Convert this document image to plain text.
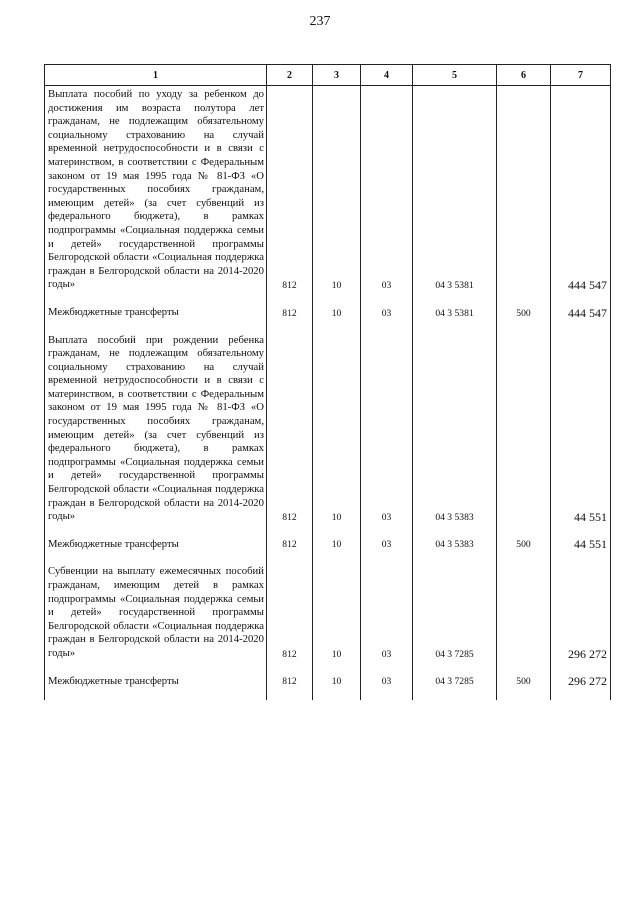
237
1	2	3	4	5	6	7
Выплата пособий по уходу за ребенком до достижения им возраста полутора лет гражданам, не подлежащим обязательному социальному страхованию на случай временной нетрудоспособности и в связи с материнством, в соответствии с Федеральным законом от 19 мая 1995 года № 81-ФЗ «О государственных пособиях гражданам, имеющим детей» (за счет субвенций из федерального бюджета), в рамках подпрограммы «Социальная поддержка семьи и детей» государственной программы Белгородской области «Социальная поддержка граждан в Белгородской области на 2014-2020 годы»	812	10	03	04 3 5381		444 547

Межбюджетные трансферты	812	10	03	04 3 5381	500	444 547

Выплата пособий при рождении ребенка гражданам, не подлежащим обязательному социальному страхованию на случай временной нетрудоспособности и в связи с материнством, в соответствии с Федеральным законом от 19 мая 1995 года № 81-ФЗ «О государственных пособиях гражданам, имеющим детей» (за счет субвенций из федерального бюджета), в рамках подпрограммы «Социальная поддержка семьи и детей» государственной программы Белгородской области «Социальная поддержка граждан в Белгородской области на 2014-2020 годы»	812	10	03	04 3 5383		44 551

Межбюджетные трансферты	812	10	03	04 3 5383	500	44 551

Субвенции на выплату ежемесячных пособий гражданам, имеющим детей в рамках подпрограммы «Социальная поддержка семьи и детей» государственной программы Белгородской области «Социальная поддержка граждан в Белгородской области на 2014-2020 годы»	812	10	03	04 3 7285		296 272

Межбюджетные трансферты	812	10	03	04 3 7285	500	296 272
